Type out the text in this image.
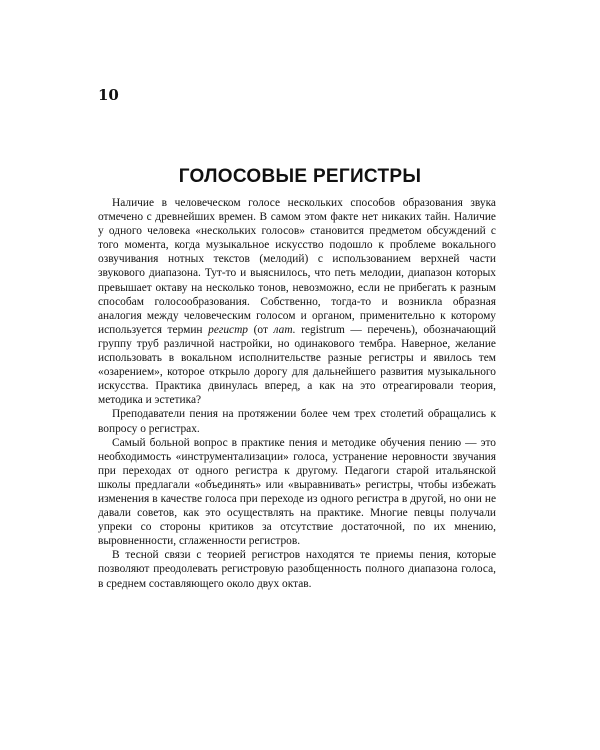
10
ГОЛОСОВЫЕ РЕГИСТРЫ

Наличие в человеческом голосе нескольких способов образования звука отмечено с древнейших времен. В самом этом факте нет никаких тайн. Наличие у одного человека «нескольких голосов» становится предметом обсуждений с того момента, когда музыкальное искусство подошло к проблеме вокального озвучивания нотных текстов (мелодий) с использованием верхней части звукового диапазона. Тут-то и выяснилось, что петь мелодии, диапазон которых превышает октаву на несколько тонов, невозможно, если не прибегать к разным способам голосообразования. Собственно, тогда-то и возникла образная аналогия между человеческим голосом и органом, применительно к которому используется термин регистр (от лат. registrum — перечень), обозначающий группу труб различной настройки, но одинакового тембра. Наверное, желание использовать в вокальном исполнительстве разные регистры и явилось тем «озарением», которое открыло дорогу для дальнейшего развития музыкального искусства. Практика двинулась вперед, а как на это отреагировали теория, методика и эстетика?

Преподаватели пения на протяжении более чем трех столетий обращались к вопросу о регистрах.

Самый больной вопрос в практике пения и методике обучения пению — это необходимость «инструментализации» голоса, устранение неровности звучания при переходах от одного регистра к другому. Педагоги старой итальянской школы предлагали «объединять» или «выравнивать» регистры, чтобы избежать изменения в качестве голоса при переходе из одного регистра в другой, но они не давали советов, как это осуществлять на практике. Многие певцы получали упреки со стороны критиков за отсутствие достаточной, по их мнению, выровненности, сглаженности регистров.

В тесной связи с теорией регистров находятся те приемы пения, которые позволяют преодолевать регистровую разобщенность полного диапазона голоса, в среднем составляющего около двух октав.
